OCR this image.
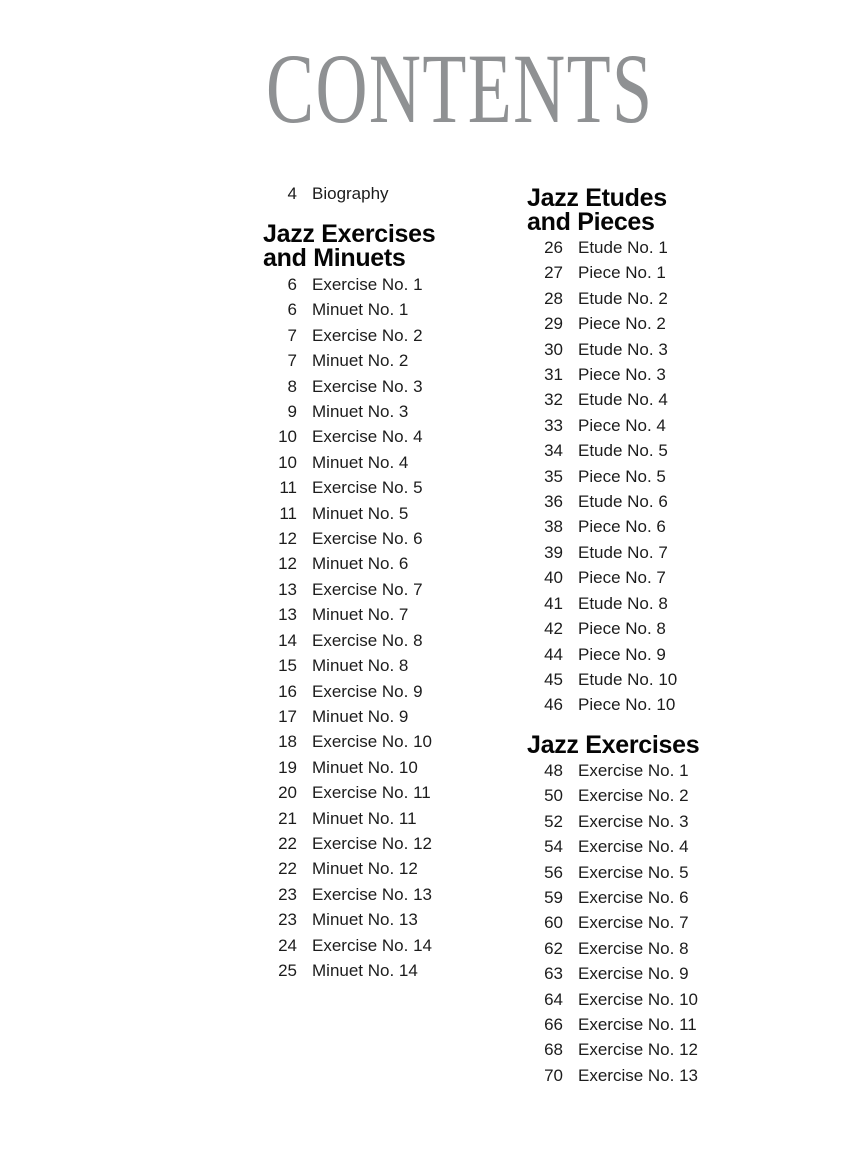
CONTENTS
4 Biography
Jazz Exercises
and Minuets
6 Exercise No. 1
6 Minuet No. 1
7 Exercise No. 2
7 Minuet No. 2
8 Exercise No. 3
9 Minuet No. 3
10 Exercise No. 4
10 Minuet No. 4
11 Exercise No. 5
11 Minuet No. 5
12 Exercise No. 6
12 Minuet No. 6
13 Exercise No. 7
13 Minuet No. 7
14 Exercise No. 8
15 Minuet No. 8
16 Exercise No. 9
17 Minuet No. 9
18 Exercise No. 10
19 Minuet No. 10
20 Exercise No. 11
21 Minuet No. 11
22 Exercise No. 12
22 Minuet No. 12
23 Exercise No. 13
23 Minuet No. 13
24 Exercise No. 14
25 Minuet No. 14
Jazz Etudes
and Pieces
26 Etude No. 1
27 Piece No. 1
28 Etude No. 2
29 Piece No. 2
30 Etude No. 3
31 Piece No. 3
32 Etude No. 4
33 Piece No. 4
34 Etude No. 5
35 Piece No. 5
36 Etude No. 6
38 Piece No. 6
39 Etude No. 7
40 Piece No. 7
41 Etude No. 8
42 Piece No. 8
44 Piece No. 9
45 Etude No. 10
46 Piece No. 10
Jazz Exercises
48 Exercise No. 1
50 Exercise No. 2
52 Exercise No. 3
54 Exercise No. 4
56 Exercise No. 5
59 Exercise No. 6
60 Exercise No. 7
62 Exercise No. 8
63 Exercise No. 9
64 Exercise No. 10
66 Exercise No. 11
68 Exercise No. 12
70 Exercise No. 13
